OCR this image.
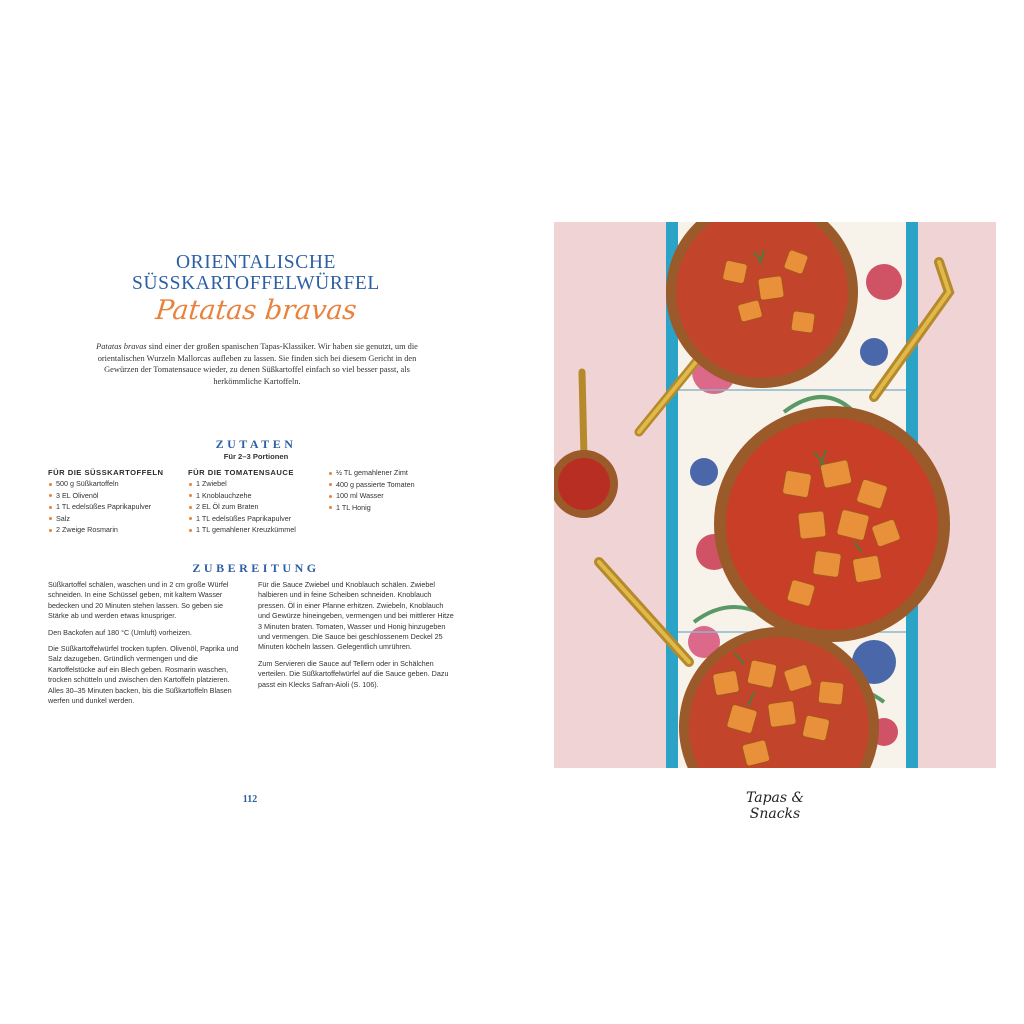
ORIENTALISCHE
SÜSSKARTOFFELWÜRFEL
Patatas bravas
Patatas bravas sind einer der großen spanischen Tapas-Klassiker. Wir haben sie genutzt, um die orientalischen Wurzeln Mallorcas aufleben zu lassen. Sie finden sich bei diesem Gericht in den Gewürzen der Tomatensauce wieder, zu denen Süßkartoffel einfach so viel besser passt, als herkömmliche Kartoffeln.
ZUTATEN
Für 2–3 Portionen
FÜR DIE SÜSSKARTOFFELN
500 g Süßkartoffeln
3 EL Olivenöl
1 TL edelsüßes Paprikapulver
Salz
2 Zweige Rosmarin
FÜR DIE TOMATENSAUCE
1 Zwiebel
1 Knoblauchzehe
2 EL Öl zum Braten
1 TL edelsüßes Paprikapulver
1 TL gemahlener Kreuzkümmel
½ TL gemahlener Zimt
400 g passierte Tomaten
100 ml Wasser
1 TL Honig
ZUBEREITUNG

Süßkartoffel schälen, waschen und in 2 cm große Würfel schneiden. In eine Schüssel geben, mit kaltem Wasser bedecken und 20 Minuten stehen lassen. So geben sie Stärke ab und werden etwas knuspriger.

Den Backofen auf 180 °C (Umluft) vorheizen.

Die Süßkartoffelwürfel trocken tupfen. Olivenöl, Paprika und Salz dazugeben. Gründlich vermengen und die Kartoffelstücke auf ein Blech geben. Rosmarin waschen, trocken schütteln und zwischen den Kartoffeln platzieren. Alles 30–35 Minuten backen, bis die Süßkartoffeln Blasen werfen und dunkel werden.

Für die Sauce Zwiebel und Knoblauch schälen. Zwiebel halbieren und in feine Scheiben schneiden. Knoblauch pressen. Öl in einer Pfanne erhitzen. Zwiebeln, Knoblauch und Gewürze hineingeben, vermengen und bei mittlerer Hitze 3 Minuten braten. Tomaten, Wasser und Honig hinzugeben und vermengen. Die Sauce bei geschlossenem Deckel 25 Minuten köcheln lassen. Gelegentlich umrühren.

Zum Servieren die Sauce auf Tellern oder in Schälchen verteilen. Die Süßkartoffelwürfel auf die Sauce geben. Dazu passt ein Klecks Safran-Aioli (S. 106).

112	Tapas & Snacks
